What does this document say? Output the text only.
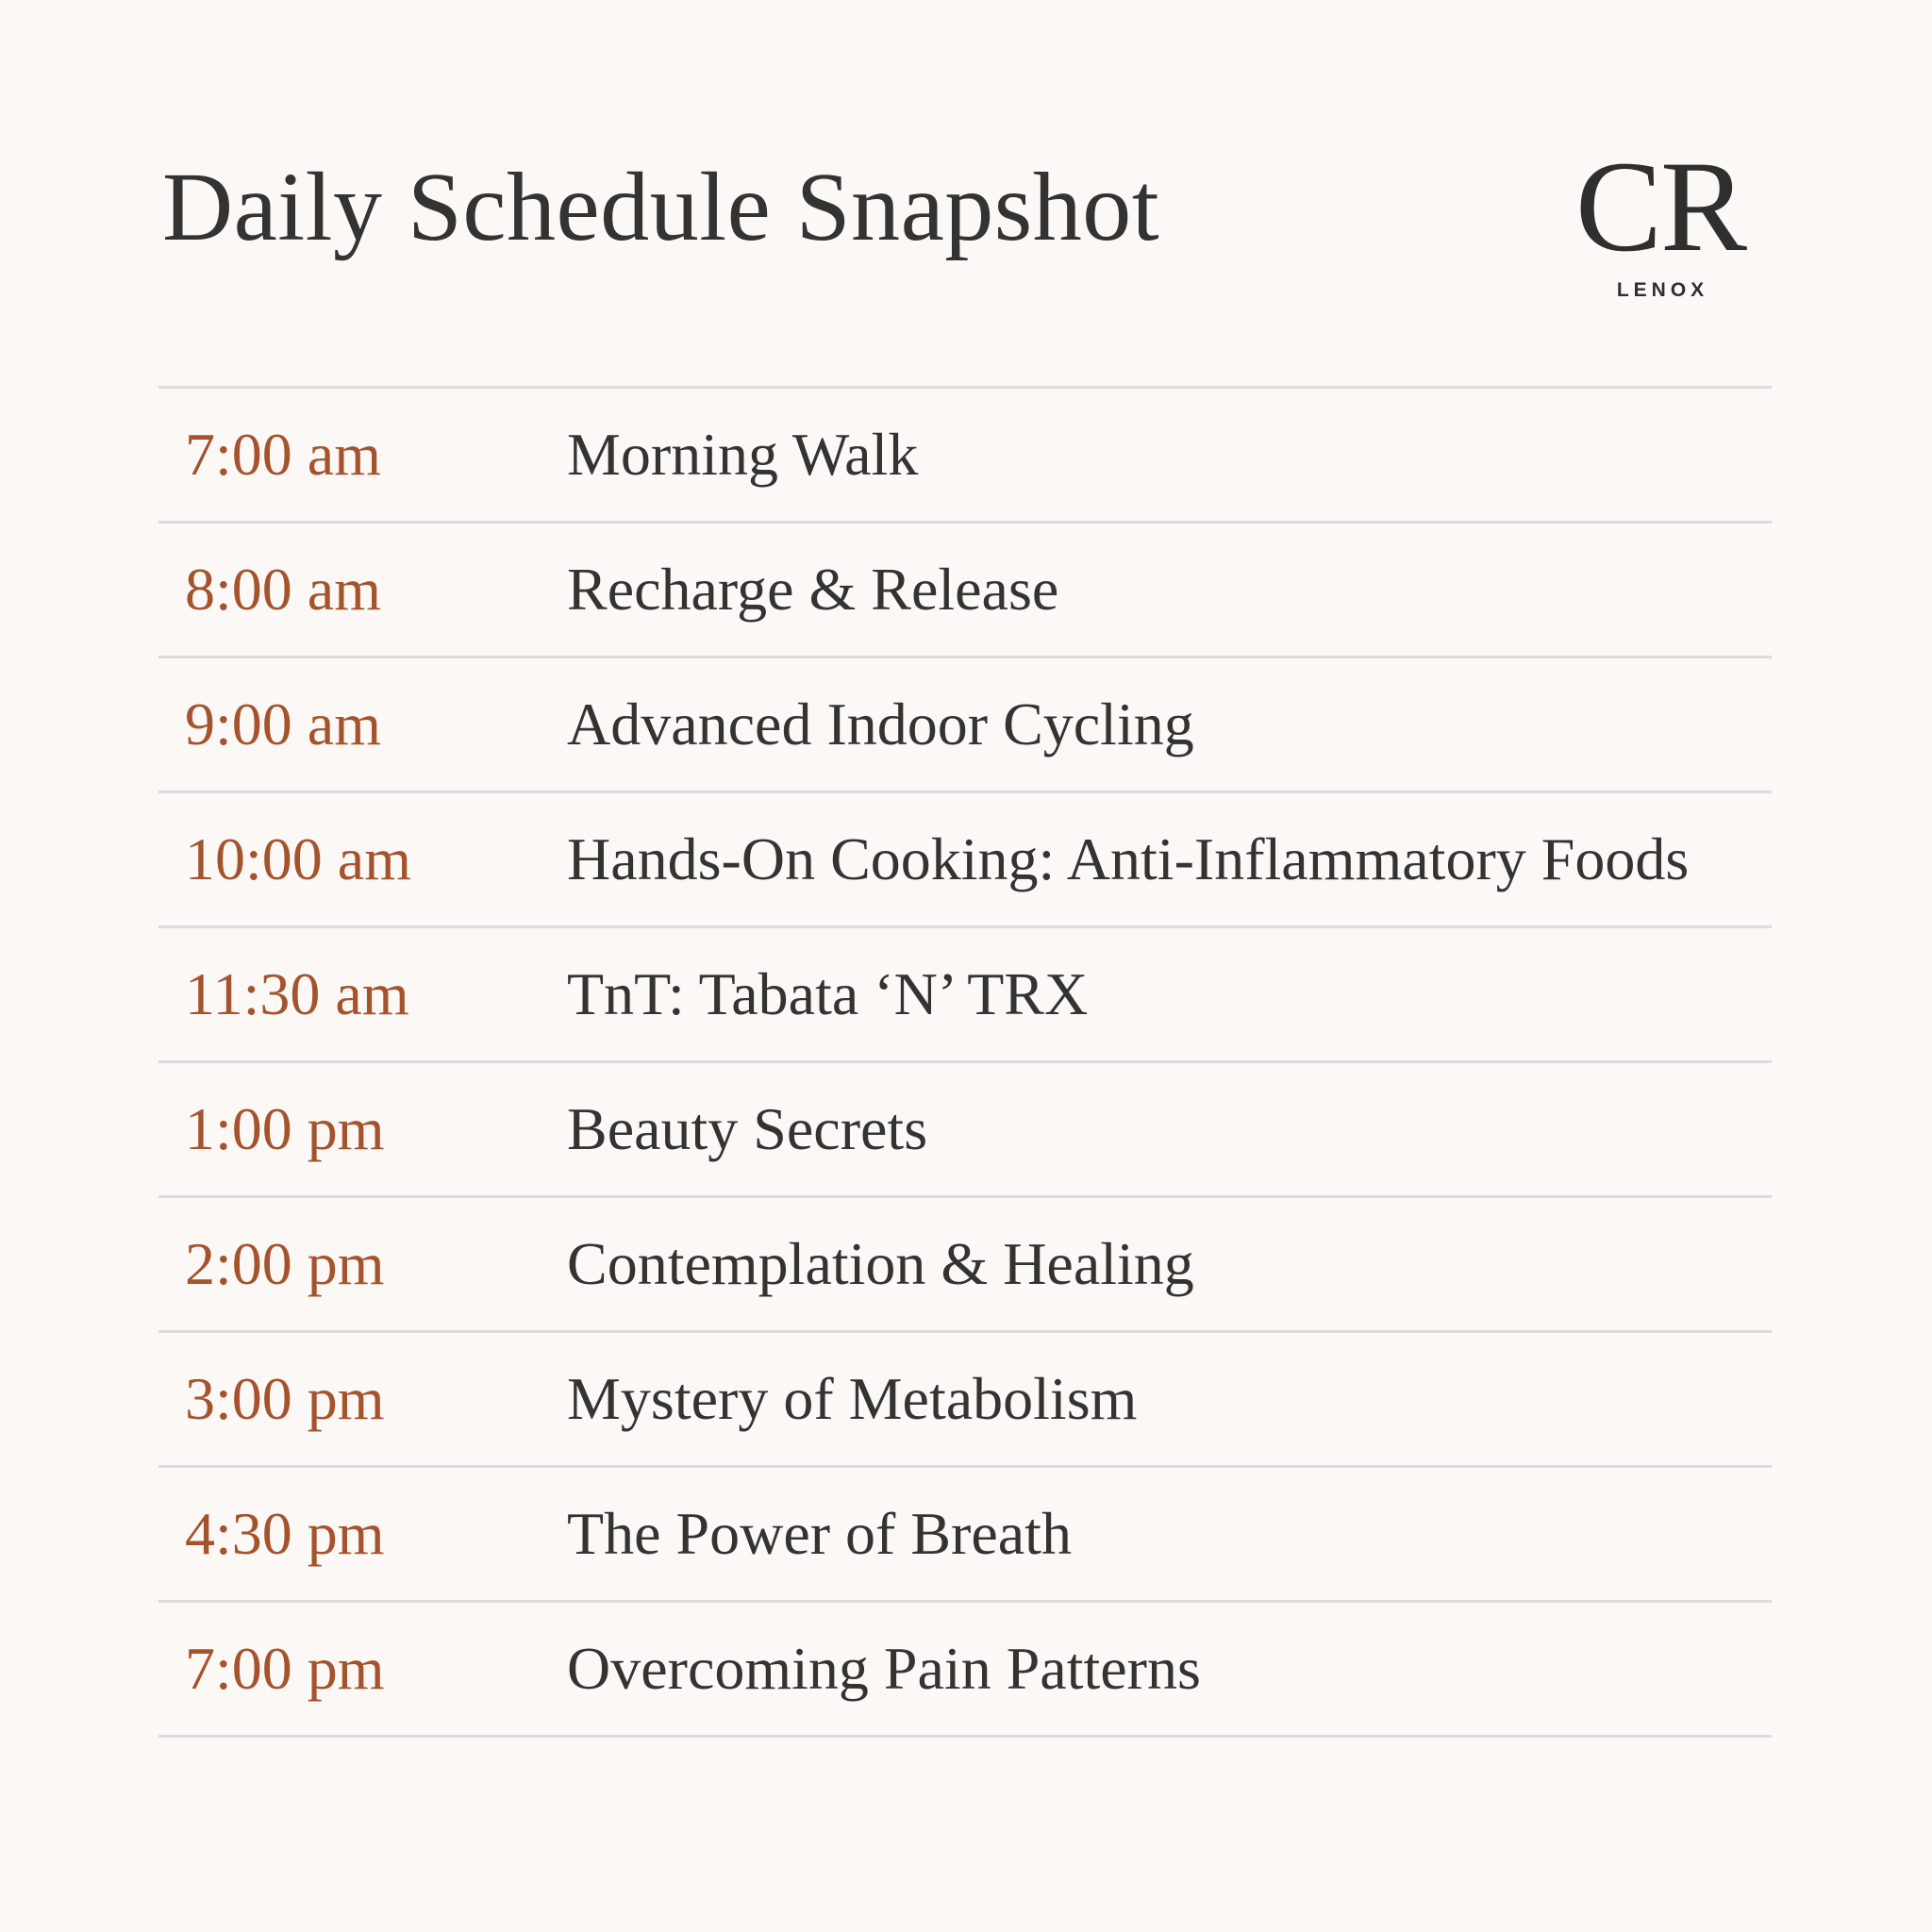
Daily Schedule Snapshot	CR
LENOX
7:00 am	Morning Walk
8:00 am	Recharge & Release
9:00 am	Advanced Indoor Cycling
10:00 am	Hands-On Cooking: Anti-Inflammatory Foods
11:30 am	TnT: Tabata ‘N’ TRX
1:00 pm	Beauty Secrets
2:00 pm	Contemplation & Healing
3:00 pm	Mystery of Metabolism
4:30 pm	The Power of Breath
7:00 pm	Overcoming Pain Patterns
